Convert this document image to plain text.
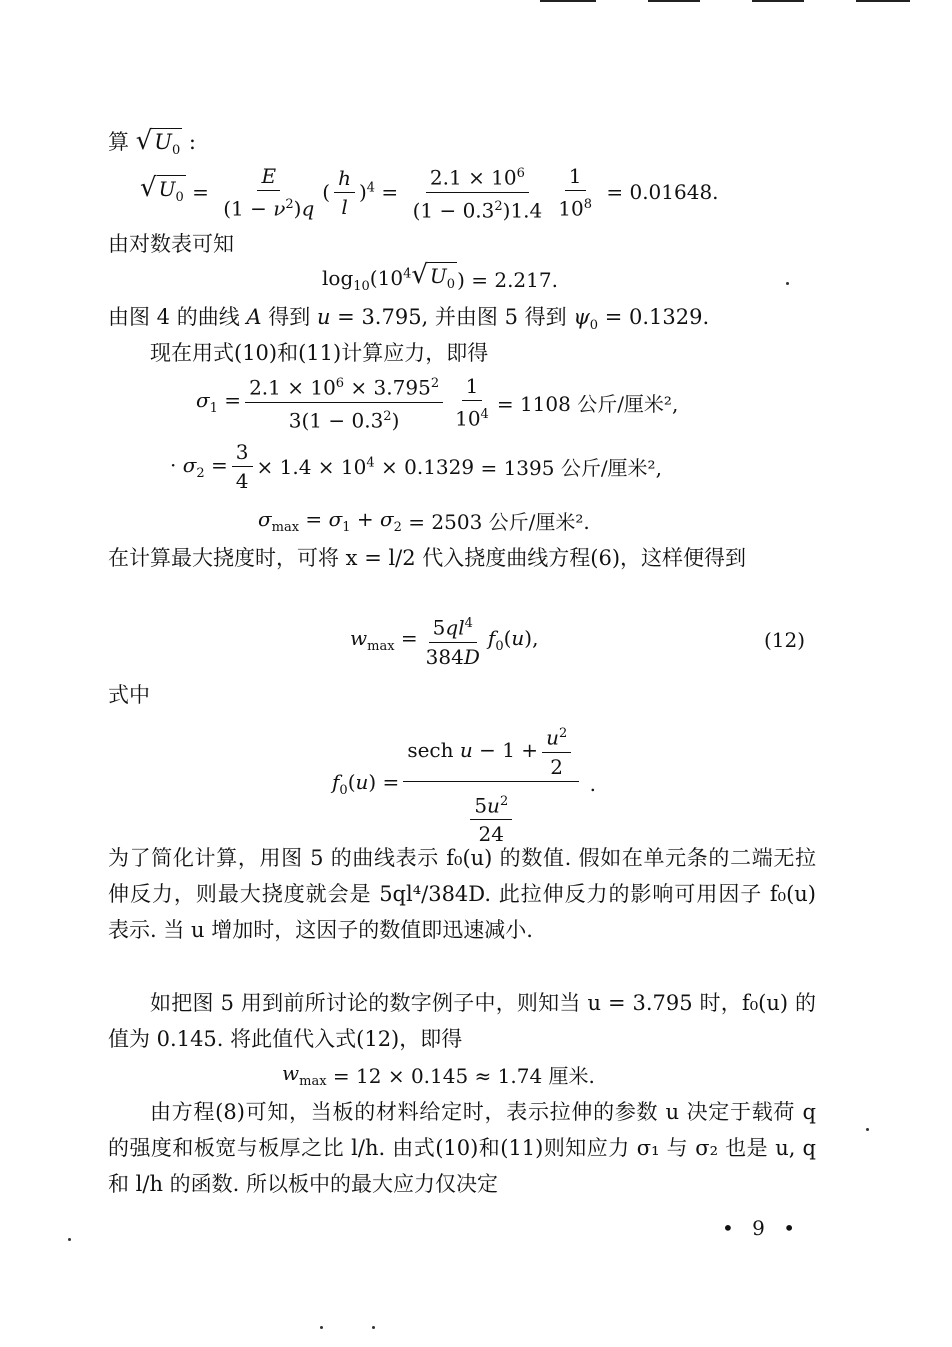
算 √ $U_0$ :
√ $U_0 = \frac{E}{(1 - \nu^2)q}$ ( $\frac{h}{l} )^4 = \frac{2.1 \times 10^6}{(1 - 0.3^2)1.4} \frac{1}{10^8} = 0.01648$.
由对数表可知
$\log_{10}(10^4$ √ $U_0$ ) = 2.217.
由图 4 的曲线 A 得到 u = 3.795, 并由图 5 得到 $\psi_0 = 0.1329$.
现在用式(10)和(11)计算应力，即得
$\sigma_1 = \frac{2.1 \times 10^6 \times 3.795^2}{3(1 - 0.3^2)} \frac{1}{10^4} = 1108$ 公斤/厘米²,
· $\sigma_2 = \frac{3}{4} \times 1.4 \times 10^4 \times 0.1329 = 1395$ 公斤/厘米²,
$\sigma_{max} = \sigma_1 + \sigma_2 = 2503$ 公斤/厘米².
在计算最大挠度时，可将 x = l/2 代入挠度曲线方程(6)，这样便得到
$w_{max} = \frac{5ql^4}{384D} f_0(u)$,	(12)
式中
$f_0(u) = \frac{\sec h u - 1 + \frac{u^2}{2}}{\frac{5u^2}{24}}$ .
为了简化计算，用图 5 的曲线表示 f₀(u) 的数值. 假如在单元条的二端无拉伸反力，则最大挠度就会是 5ql⁴/384D. 此拉伸反力的影响可用因子 f₀(u) 表示. 当 u 增加时，这因子的数值即迅速减小.
如把图 5 用到前所讨论的数字例子中，则知当 u = 3.795 时，f₀(u) 的值为 0.145. 将此值代入式(12)，即得
$w_{max} = 12 \times 0.145 \approx 1.74$ 厘米.
由方程(8)可知，当板的材料给定时，表示拉伸的参数 u 决定于载荷 q 的强度和板宽与板厚之比 l/h. 由式(10)和(11)则知应力 σ₁ 与 σ₂ 也是 u, q 和 l/h 的函数. 所以板中的最大应力仅决定
• 9 •
